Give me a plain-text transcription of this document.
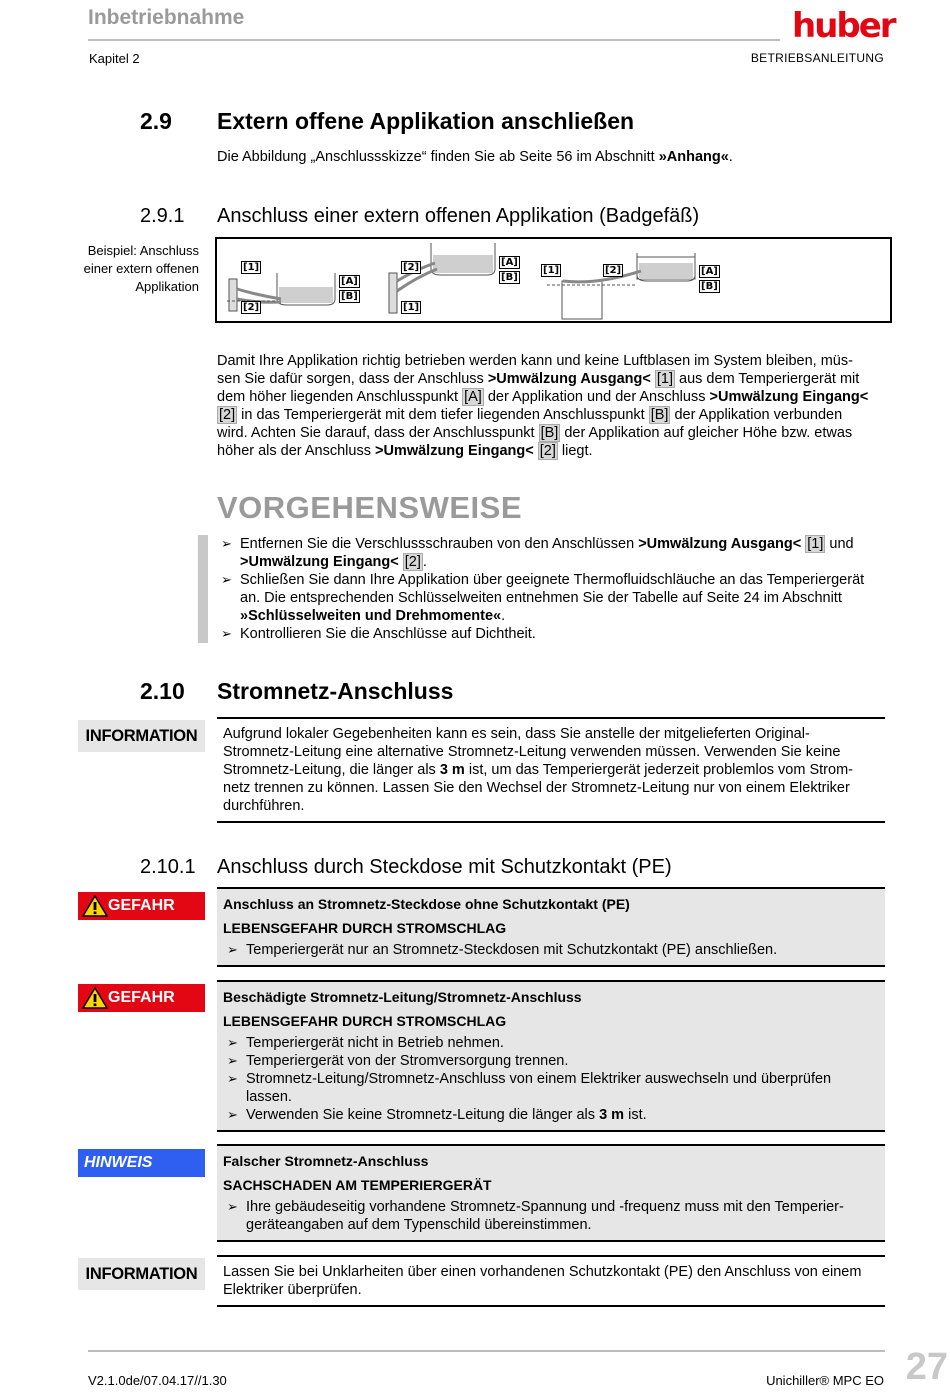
Inbetriebnahme
Kapitel 2	BETRIEBSANLEITUNG
huber
2.9 Extern offene Applikation anschließen
Die Abbildung „Anschlussskizze“ finden Sie ab Seite 56 im Abschnitt »Anhang«.
2.9.1 Anschluss einer extern offenen Applikation (Badgefäß)
Beispiel: Anschluss
einer extern offenen
Applikation
[1]
[2]
[A]
[B]
[2]
[1]
[A]
[B]
[1]	[2]	[A]
[B]
Damit Ihre Applikation richtig betrieben werden kann und keine Luftblasen im System bleiben, müs-
sen Sie dafür sorgen, dass der Anschluss >Umwälzung Ausgang< [1] aus dem Temperiergerät mit
dem höher liegenden Anschlusspunkt [A] der Applikation und der Anschluss >Umwälzung Eingang<
[2] in das Temperiergerät mit dem tiefer liegenden Anschlusspunkt [B] der Applikation verbunden
wird. Achten Sie darauf, dass der Anschlusspunkt [B] der Applikation auf gleicher Höhe bzw. etwas
höher als der Anschluss >Umwälzung Eingang< [2] liegt.
VORGEHENSWEISE
➢ Entfernen Sie die Verschlussschrauben von den Anschlüssen >Umwälzung Ausgang< [1] und
>Umwälzung Eingang< [2] .
➢ Schließen Sie dann Ihre Applikation über geeignete Thermofluidschläuche an das Temperiergerät
an. Die entsprechenden Schlüsselweiten entnehmen Sie der Tabelle auf Seite 24 im Abschnitt
»Schlüsselweiten und Drehmomente«.
➢ Kontrollieren Sie die Anschlüsse auf Dichtheit.
2.10 Stromnetz-Anschluss
INFORMATION	Aufgrund lokaler Gegebenheiten kann es sein, dass Sie anstelle der mitgelieferten Original-
Stromnetz-Leitung eine alternative Stromnetz-Leitung verwenden müssen. Verwenden Sie keine
Stromnetz-Leitung, die länger als 3 m ist, um das Temperiergerät jederzeit problemlos vom Strom-
netz trennen zu können. Lassen Sie den Wechsel der Stromnetz-Leitung nur von einem Elektriker
durchführen.
2.10.1 Anschluss durch Steckdose mit Schutzkontakt (PE)
GEFAHR	Anschluss an Stromnetz-Steckdose ohne Schutzkontakt (PE)
LEBENSGEFAHR DURCH STROMSCHLAG
➢ Temperiergerät nur an Stromnetz-Steckdosen mit Schutzkontakt (PE) anschließen.
GEFAHR	Beschädigte Stromnetz-Leitung/Stromnetz-Anschluss
LEBENSGEFAHR DURCH STROMSCHLAG
➢ Temperiergerät nicht in Betrieb nehmen.
➢ Temperiergerät von der Stromversorgung trennen.
➢ Stromnetz-Leitung/Stromnetz-Anschluss von einem Elektriker auswechseln und überprüfen
lassen.
➢ Verwenden Sie keine Stromnetz-Leitung die länger als 3 m ist.
HINWEIS	Falscher Stromnetz-Anschluss
SACHSCHADEN AM TEMPERIERGERÄT
➢ Ihre gebäudeseitig vorhandene Stromnetz-Spannung und -frequenz muss mit den Temperier-
geräteangaben auf dem Typenschild übereinstimmen.
INFORMATION	Lassen Sie bei Unklarheiten über einen vorhandenen Schutzkontakt (PE) den Anschluss von einem
Elektriker überprüfen.
V2.1.0de/07.04.17//1.30	Unichiller® MPC EO 27
